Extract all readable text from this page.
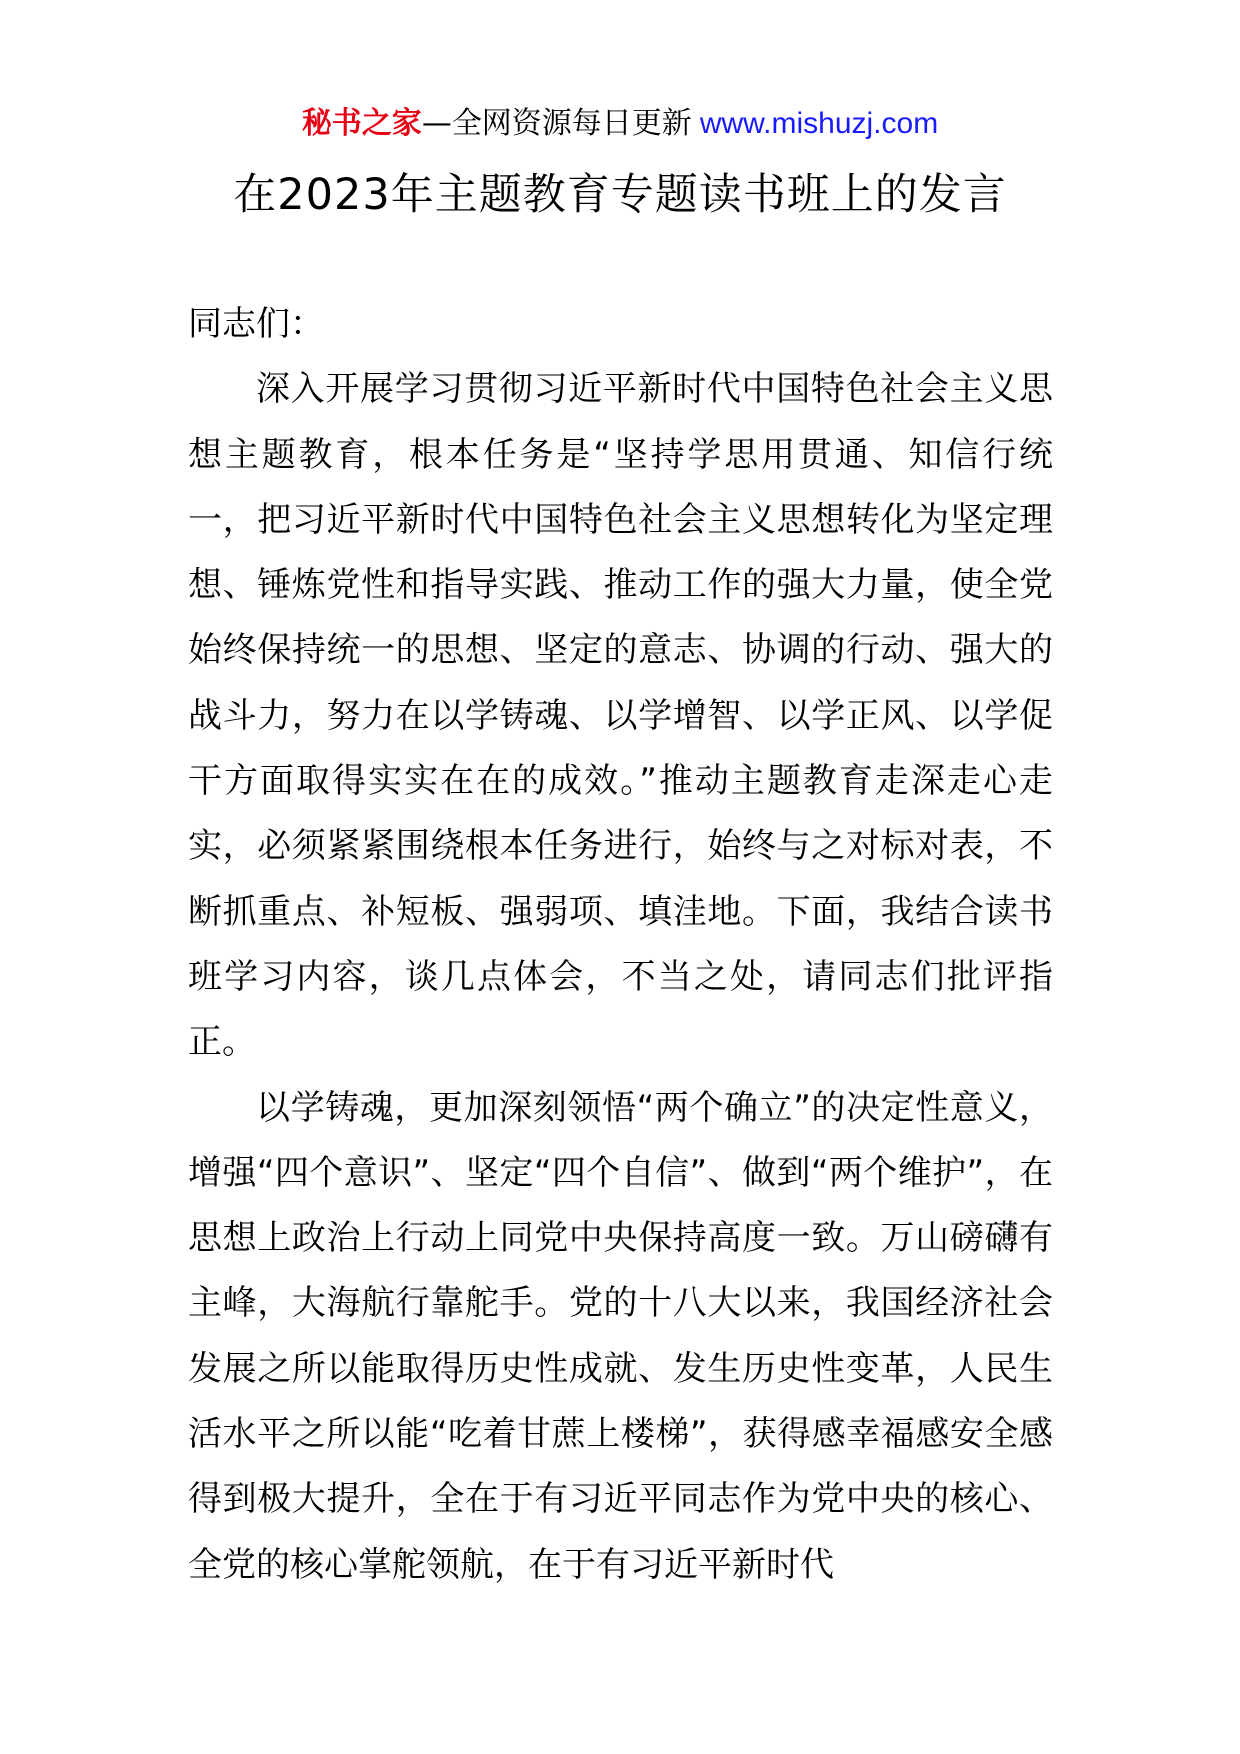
秘书之家—全网资源每日更新 www.mishuzj.com
在2023年主题教育专题读书班上的发言

同志们：

深入开展学习贯彻习近平新时代中国特色社会主义思想主题教育，根本任务是“坚持学思用贯通、知信行统一，把习近平新时代中国特色社会主义思想转化为坚定理想、锤炼党性和指导实践、推动工作的强大力量，使全党始终保持统一的思想、坚定的意志、协调的行动、强大的战斗力，努力在以学铸魂、以学增智、以学正风、以学促干方面取得实实在在的成效。”推动主题教育走深走心走实，必须紧紧围绕根本任务进行，始终与之对标对表，不断抓重点、补短板、强弱项、填洼地。下面，我结合读书班学习内容，谈几点体会，不当之处，请同志们批评指正。

以学铸魂，更加深刻领悟“两个确立”的决定性意义，增强“四个意识”、坚定“四个自信”、做到“两个维护”，在思想上政治上行动上同党中央保持高度一致。万山磅礴有主峰，大海航行靠舵手。党的十八大以来，我国经济社会发展之所以能取得历史性成就、发生历史性变革，人民生活水平之所以能“吃着甘蔗上楼梯”，获得感幸福感安全感得到极大提升，全在于有习近平同志作为党中央的核心、全党的核心掌舵领航，在于有习近平新时代
